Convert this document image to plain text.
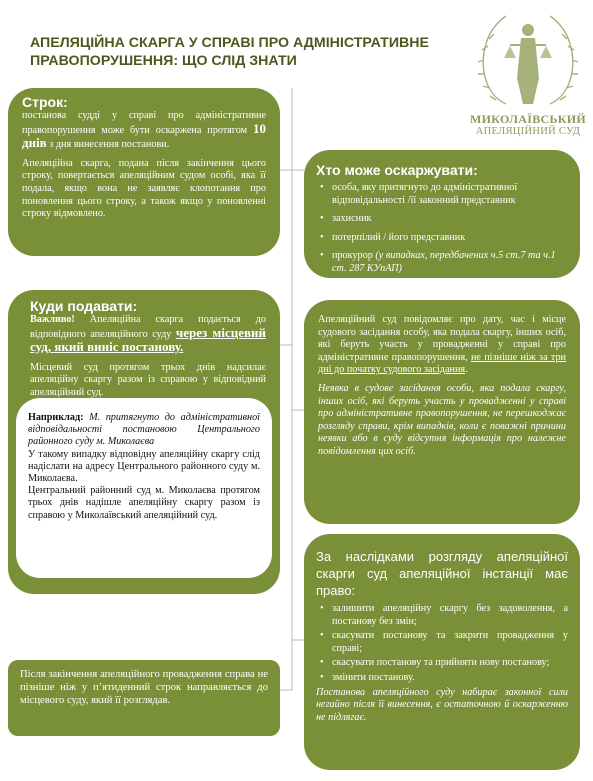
АПЕЛЯЦІЙНА СКАРГА У СПРАВІ ПРО АДМІНІСТРАТИВНЕ ПРАВОПОРУШЕННЯ: ЩО СЛІД ЗНАТИ
МИКОЛАЇВСЬКИЙ
АПЕЛЯЦІЙНИЙ СУД
Строк:

постанова судді у справі про адміністративне правопорушення може бути оскаржена протягом 10 днів з дня винесення постанови.

Апеляційна скарга, подана після закінчення цього строку, повертається апеляційним судом особі, яка її подала, якщо вона не заявляє клопотання про поновлення цього строку, а також якщо у поновленні строку відмовлено.

Хто може оскаржувати:
• особа, яку притягнуто до адміністративної відповідальності /її законний представник
• захисник
• потерпілий / його представник
• прокурор (у випадках, передбачених ч.5 ст.7 та ч.1 ст. 287 КУпАП)
Куди подавати:

Важливо! Апеляційна скарга подається до відповідного апеляційного суду через місцевий суд, який виніс постанову.

Місцевий суд протягом трьох днів надсилає апеляційну скаргу разом із справою у відповідний апеляційний суд.

Наприклад: М. притягнуто до адміністративної відповідальності постановою Центрального районного суду м. Миколаєва

У такому випадку відповідну апеляційну скаргу слід надіслати на адресу Центрального районного суду м. Миколаєва.

Центральний районний суд м. Миколаєва протягом трьох днів надішле апеляційну скаргу разом із справою у Миколаївський апеляційний суд.

Апеляційний суд повідомляє про дату, час і місце судового засідання особу, яка подала скаргу, інших осіб, які беруть участь у провадженні у справі про адміністративне правопорушення, не пізніше ніж за три дні до початку судового засідання.

Неявка в судове засідання особи, яка подала скаргу, інших осіб, які беруть участь у провадженні у справі про адміністративне правопорушення, не перешкоджає розгляду справи, крім випадків, коли є поважні причини неявки або в суду відсутня інформація про належне повідомлення цих осіб.

За наслідками розгляду апеляційної скарги суд апеляційної інстанції має право:

• залишити апеляційну скаргу без задоволення, а постанову без змін;
• скасувати постанову та закрити провадження у справі;
• скасувати постанову та прийняти нову постанову;
• змінити постанову.

Постанова апеляційного суду набирає законної сили негайно після її винесення, є остаточною й оскарженню не підлягає.

Після закінчення апеляційного провадження справа не пізніше ніж у п’ятиденний строк направляється до місцевого суду, який її розглядав.
